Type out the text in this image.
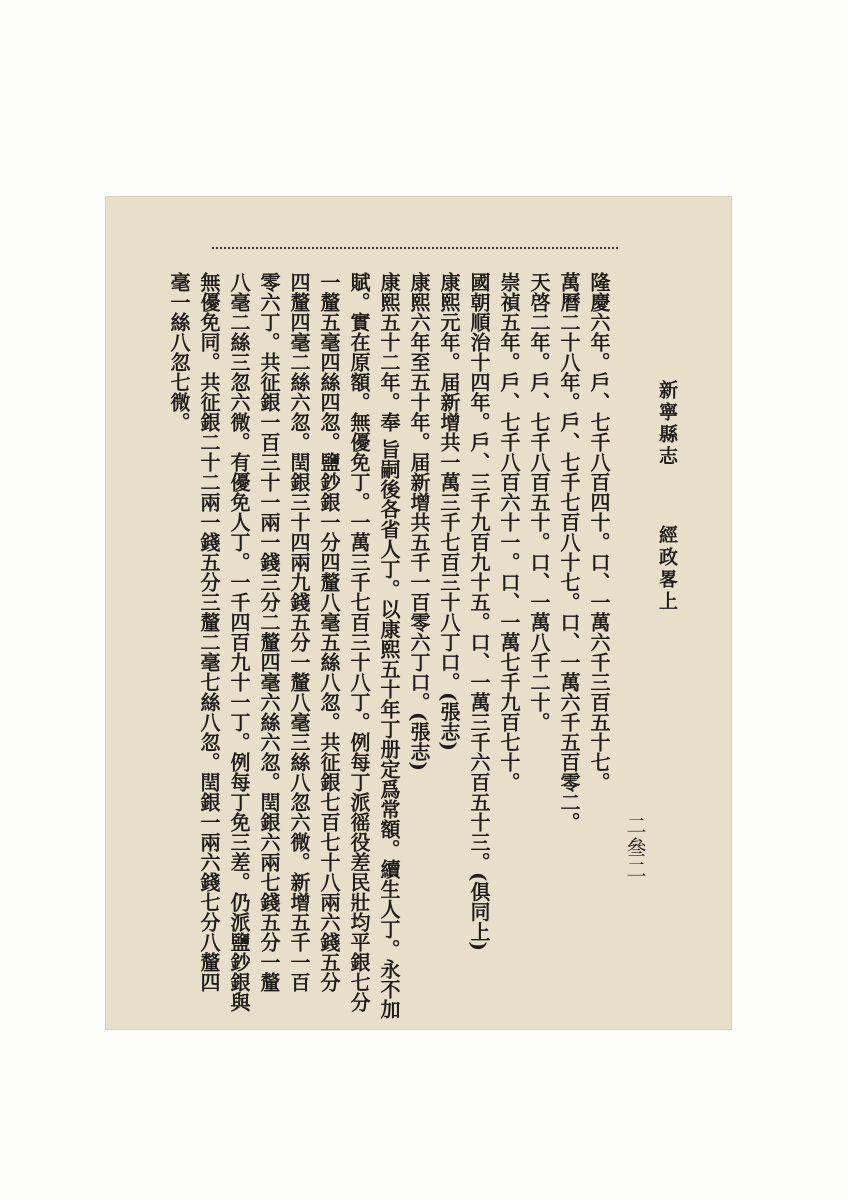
新寧縣志
經政畧上
二叄二
隆慶六年。戶、七千八百四十。口、一萬六千三百五十七。
萬曆二十八年。戶、七千七百八十七。口、一萬六千五百零二。
天啓二年。戶、七千八百五十。口、一萬八千二十。
崇禎五年。戶、七千八百六十一。口、一萬七千九百七十。
國朝順治十四年。戶、三千九百九十五。口、一萬三千六百五十三。(俱同上)
康熙元年。届新增共一萬三千七百三十八丁口。(張志)
康熙六年至五十年。届新增共五千一百零六丁口。(張志)
康熙五十二年。奉 旨嗣後各省人丁。以康熙五十年丁册定爲常額。續生人丁。永不加
賦。實在原額。無優免丁。一萬三千七百三十八丁。例每丁派徭役差民壯均平銀七分
一釐五毫四絲四忽。鹽鈔銀一分四釐八毫五絲八忽。共征銀七百七十八兩六錢五分
四釐四毫二絲六忽。閏銀三十四兩九錢五分一釐八毫三絲八忽六微。新增五千一百
零六丁。共征銀一百三十一兩一錢三分二釐四毫六絲六忽。閏銀六兩七錢五分一釐
八毫二絲三忽六微。有優免人丁。一千四百九十一丁。例每丁免三差。仍派鹽鈔銀與
無優免同。共征銀二十二兩一錢五分三釐二毫七絲八忽。閏銀一兩六錢七分八釐四
毫一絲八忽七微。
